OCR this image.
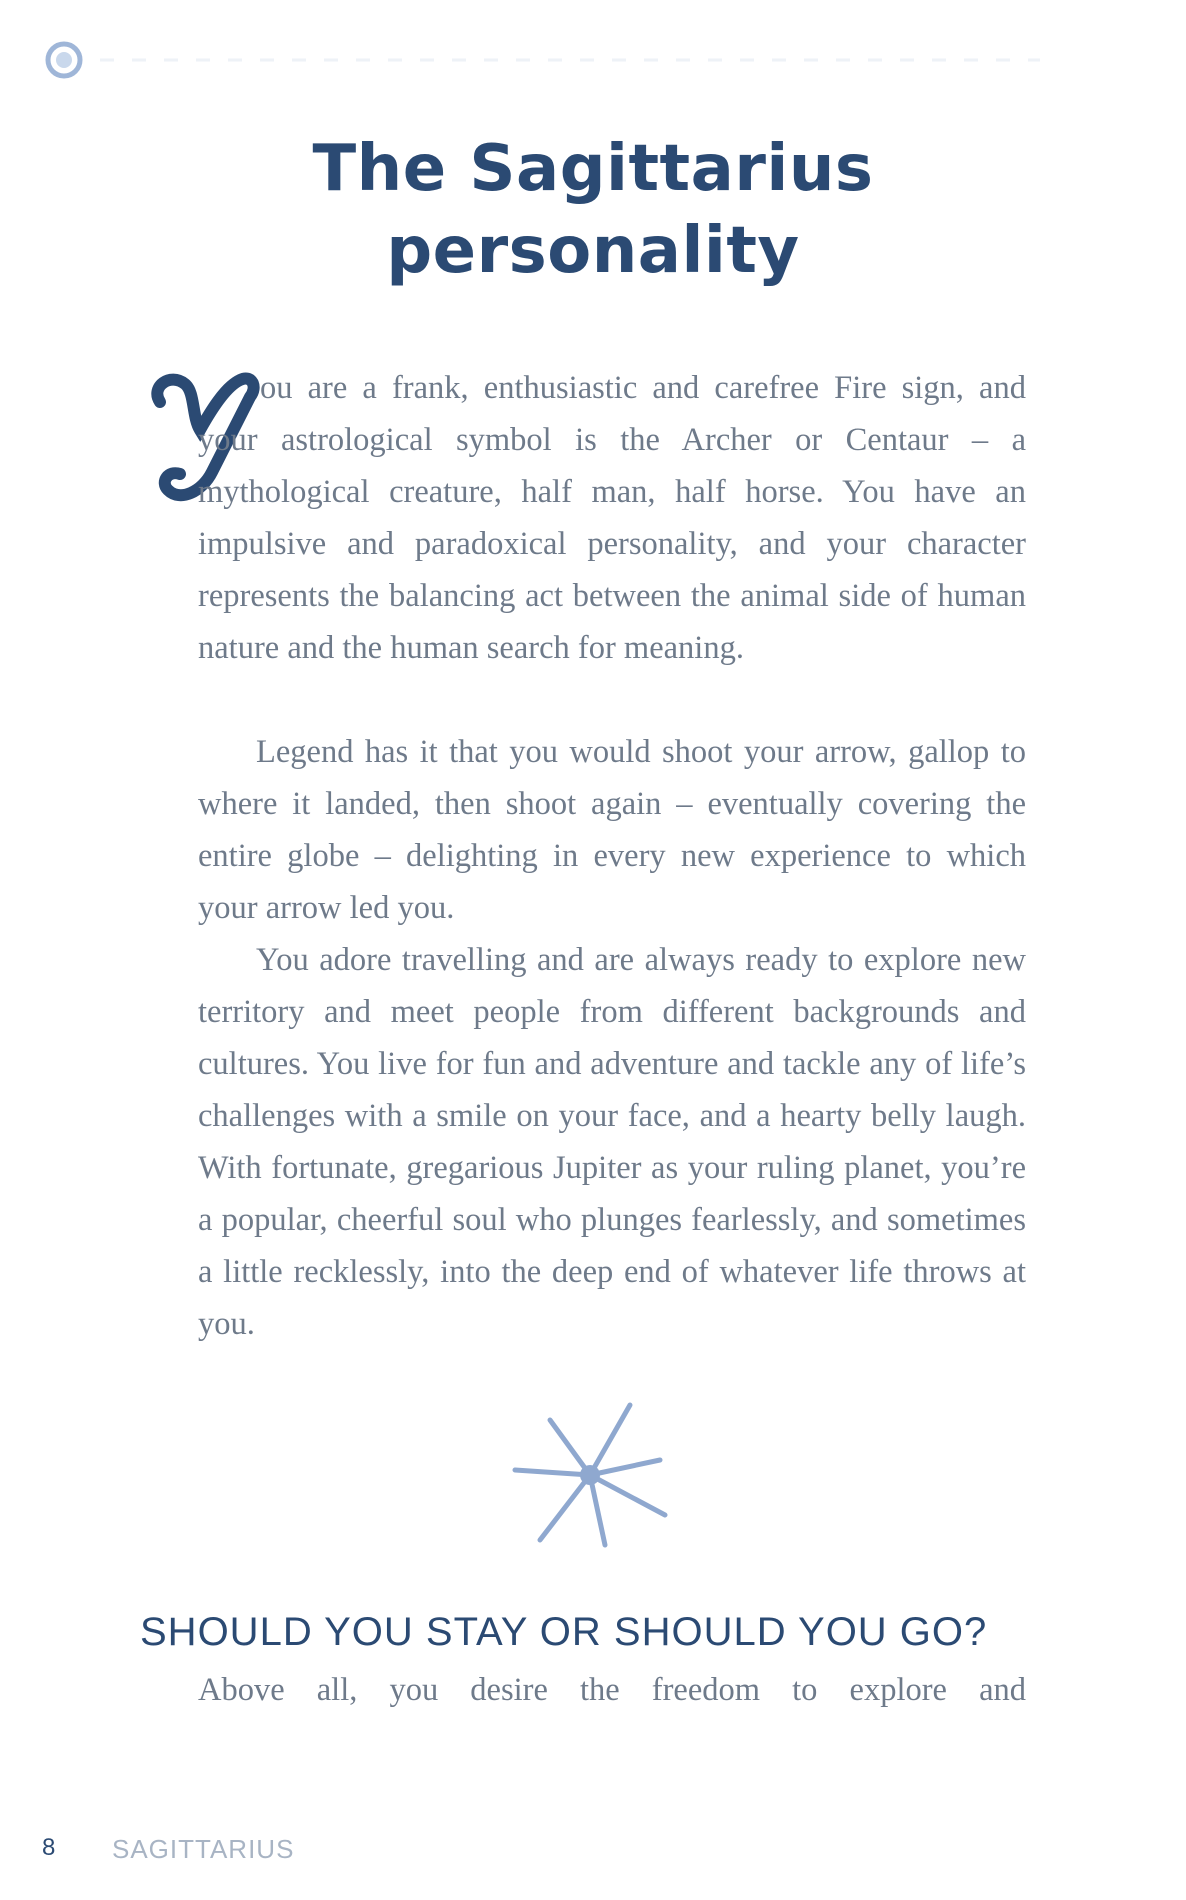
The Sagittarius
personality
Y

ou are a frank, enthusiastic and carefree Fire sign, and your astrological symbol is the Archer or Centaur – a mythological creature, half man, half horse. You have an impulsive and paradoxical personality, and your character represents the balancing act between the animal side of human nature and the human search for meaning.

Legend has it that you would shoot your arrow, gallop to where it landed, then shoot again – eventually covering the entire globe – delighting in every new experience to which your arrow led you.

You adore travelling and are always ready to explore new territory and meet people from different backgrounds and cultures. You live for fun and adventure and tackle any of life’s challenges with a smile on your face, and a hearty belly laugh. With fortunate, gregarious Jupiter as your ruling planet, you’re a popular, cheerful soul who plunges fearlessly, and sometimes a little recklessly, into the deep end of whatever life throws at you.

SHOULD YOU STAY OR SHOULD YOU GO?

Above all, you desire the freedom to explore and

8 SAGITTARIUS
